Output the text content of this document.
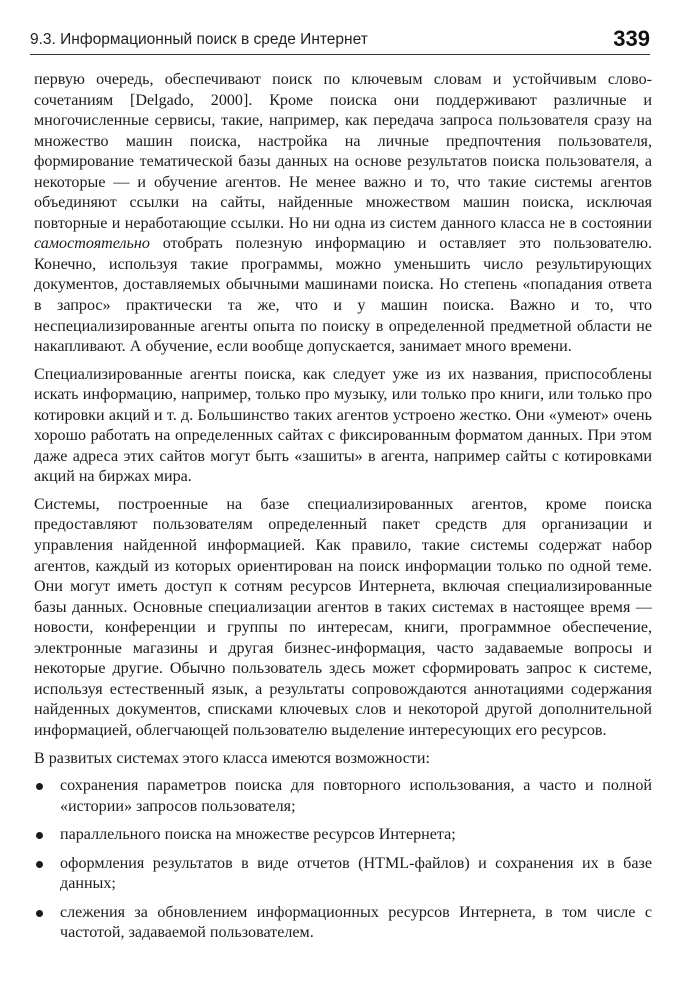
9.3. Информационный поиск в среде Интернет	339

первую очередь, обеспечивают поиск по ключевым словам и устойчивым словосочетаниям [Delgado, 2000]. Кроме поиска они поддерживают различные и многочисленные сервисы, такие, например, как передача запроса пользователя сразу на множество машин поиска, настройка на личные предпочтения пользователя, формирование тематической базы данных на основе результатов поиска пользователя, а некоторые — и обучение агентов. Не менее важно и то, что такие системы агентов объединяют ссылки на сайты, найденные множеством машин поиска, исключая повторные и неработающие ссылки. Но ни одна из систем данного класса не в состоянии самостоятельно отобрать полезную информацию и оставляет это пользователю. Конечно, используя такие программы, можно уменьшить число результирующих документов, доставляемых обычными машинами поиска. Но степень «попадания ответа в запрос» практически та же, что и у машин поиска. Важно и то, что неспециализированные агенты опыта по поиску в определенной предметной области не накапливают. А обучение, если вообще допускается, занимает много времени.

Специализированные агенты поиска, как следует уже из их названия, приспособлены искать информацию, например, только про музыку, или только про книги, или только про котировки акций и т. д. Большинство таких агентов устроено жестко. Они «умеют» очень хорошо работать на определенных сайтах с фиксированным форматом данных. При этом даже адреса этих сайтов могут быть «зашиты» в агента, например сайты с котировками акций на биржах мира.

Системы, построенные на базе специализированных агентов, кроме поиска предоставляют пользователям определенный пакет средств для организации и управления найденной информацией. Как правило, такие системы содержат набор агентов, каждый из которых ориентирован на поиск информации только по одной теме. Они могут иметь доступ к сотням ресурсов Интернета, включая специализированные базы данных. Основные специализации агентов в таких системах в настоящее время — новости, конференции и группы по интересам, книги, программное обеспечение, электронные магазины и другая бизнес-информация, часто задаваемые вопросы и некоторые другие. Обычно пользователь здесь может сформировать запрос к системе, используя естественный язык, а результаты сопровождаются аннотациями содержания найденных документов, списками ключевых слов и некоторой другой дополнительной информацией, облегчающей пользователю выделение интересующих его ресурсов.

В развитых системах этого класса имеются возможности:

сохранения параметров поиска для повторного использования, а часто и полной «истории» запросов пользователя;
параллельного поиска на множестве ресурсов Интернета;
оформления результатов в виде отчетов (HTML-файлов) и сохранения их в базе данных;
слежения за обновлением информационных ресурсов Интернета, в том числе с частотой, задаваемой пользователем.
